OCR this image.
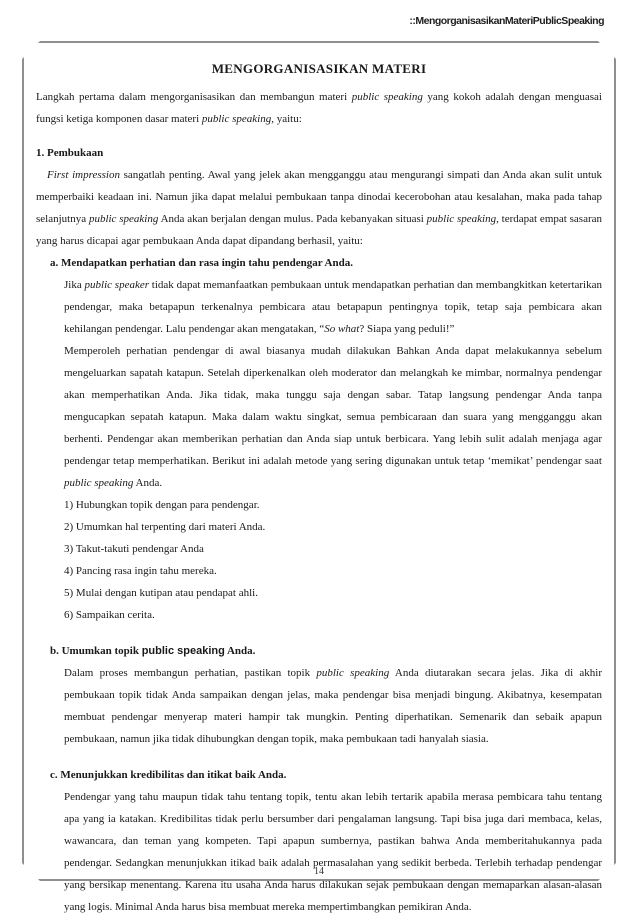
::MengorganisasikanMateriPublicSpeaking
MENGORGANISASIKAN MATERI

Langkah pertama dalam mengorganisasikan dan membangun materi public speaking yang kokoh adalah dengan menguasai fungsi ketiga komponen dasar materi public speaking, yaitu:

1. Pembukaan

First impression sangatlah penting. Awal yang jelek akan mengganggu atau mengurangi simpati dan Anda akan sulit untuk memperbaiki keadaan ini. Namun jika dapat melalui pembukaan tanpa dinodai kecerobohan atau kesalahan, maka pada tahap selanjutnya public speaking Anda akan berjalan dengan mulus. Pada kebanyakan situasi public speaking, terdapat empat sasaran yang harus dicapai agar pembukaan Anda dapat dipandang berhasil, yaitu:

a. Mendapatkan perhatian dan rasa ingin tahu pendengar Anda.

Jika public speaker tidak dapat memanfaatkan pembukaan untuk mendapatkan perhatian dan membangkitkan ketertarikan pendengar, maka betapapun terkenalnya pembicara atau betapapun pentingnya topik, tetap saja pembicara akan kehilangan pendengar. Lalu pendengar akan mengatakan, “So what? Siapa yang peduli!”

Memperoleh perhatian pendengar di awal biasanya mudah dilakukan Bahkan Anda dapat melakukannya sebelum mengeluarkan sapatah katapun. Setelah diperkenalkan oleh moderator dan melangkah ke mimbar, normalnya pendengar akan memperhatikan Anda. Jika tidak, maka tunggu saja dengan sabar. Tatap langsung pendengar Anda tanpa mengucapkan sepatah katapun. Maka dalam waktu singkat, semua pembicaraan dan suara yang mengganggu akan berhenti. Pendengar akan memberikan perhatian dan Anda siap untuk berbicara. Yang lebih sulit adalah menjaga agar pendengar tetap memperhatikan. Berikut ini adalah metode yang sering digunakan untuk tetap ‘memikat’ pendengar saat public speaking Anda.

1) Hubungkan topik dengan para pendengar.

2) Umumkan hal terpenting dari materi Anda.

3) Takut-takuti pendengar Anda

4) Pancing rasa ingin tahu mereka.

5) Mulai dengan kutipan atau pendapat ahli.

6) Sampaikan cerita.

b. Umumkan topik public speaking Anda.

Dalam proses membangun perhatian, pastikan topik public speaking Anda diutarakan secara jelas. Jika di akhir pembukaan topik tidak Anda sampaikan dengan jelas, maka pendengar bisa menjadi bingung. Akibatnya, kesempatan membuat pendengar menyerap materi hampir tak mungkin. Penting diperhatikan. Semenarik dan sebaik apapun pembukaan, namun jika tidak dihubungkan dengan topik, maka pembukaan tadi hanyalah siasia.

c. Menunjukkan kredibilitas dan itikat baik Anda.

Pendengar yang tahu maupun tidak tahu tentang topik, tentu akan lebih tertarik apabila merasa pembicara tahu tentang apa yang ia katakan. Kredibilitas tidak perlu bersumber dari pengalaman langsung. Tapi bisa juga dari membaca, kelas, wawancara, dan teman yang kompeten. Tapi apapun sumbernya, pastikan bahwa Anda memberitahukannya pada pendengar. Sedangkan menunjukkan itikad baik adalah permasalahan yang sedikit berbeda. Terlebih terhadap pendengar yang bersikap menentang. Karena itu usaha Anda harus dilakukan sejak pembukaan dengan memaparkan alasan-alasan yang logis. Minimal Anda harus bisa membuat mereka mempertimbangkan pemikiran Anda.

14
